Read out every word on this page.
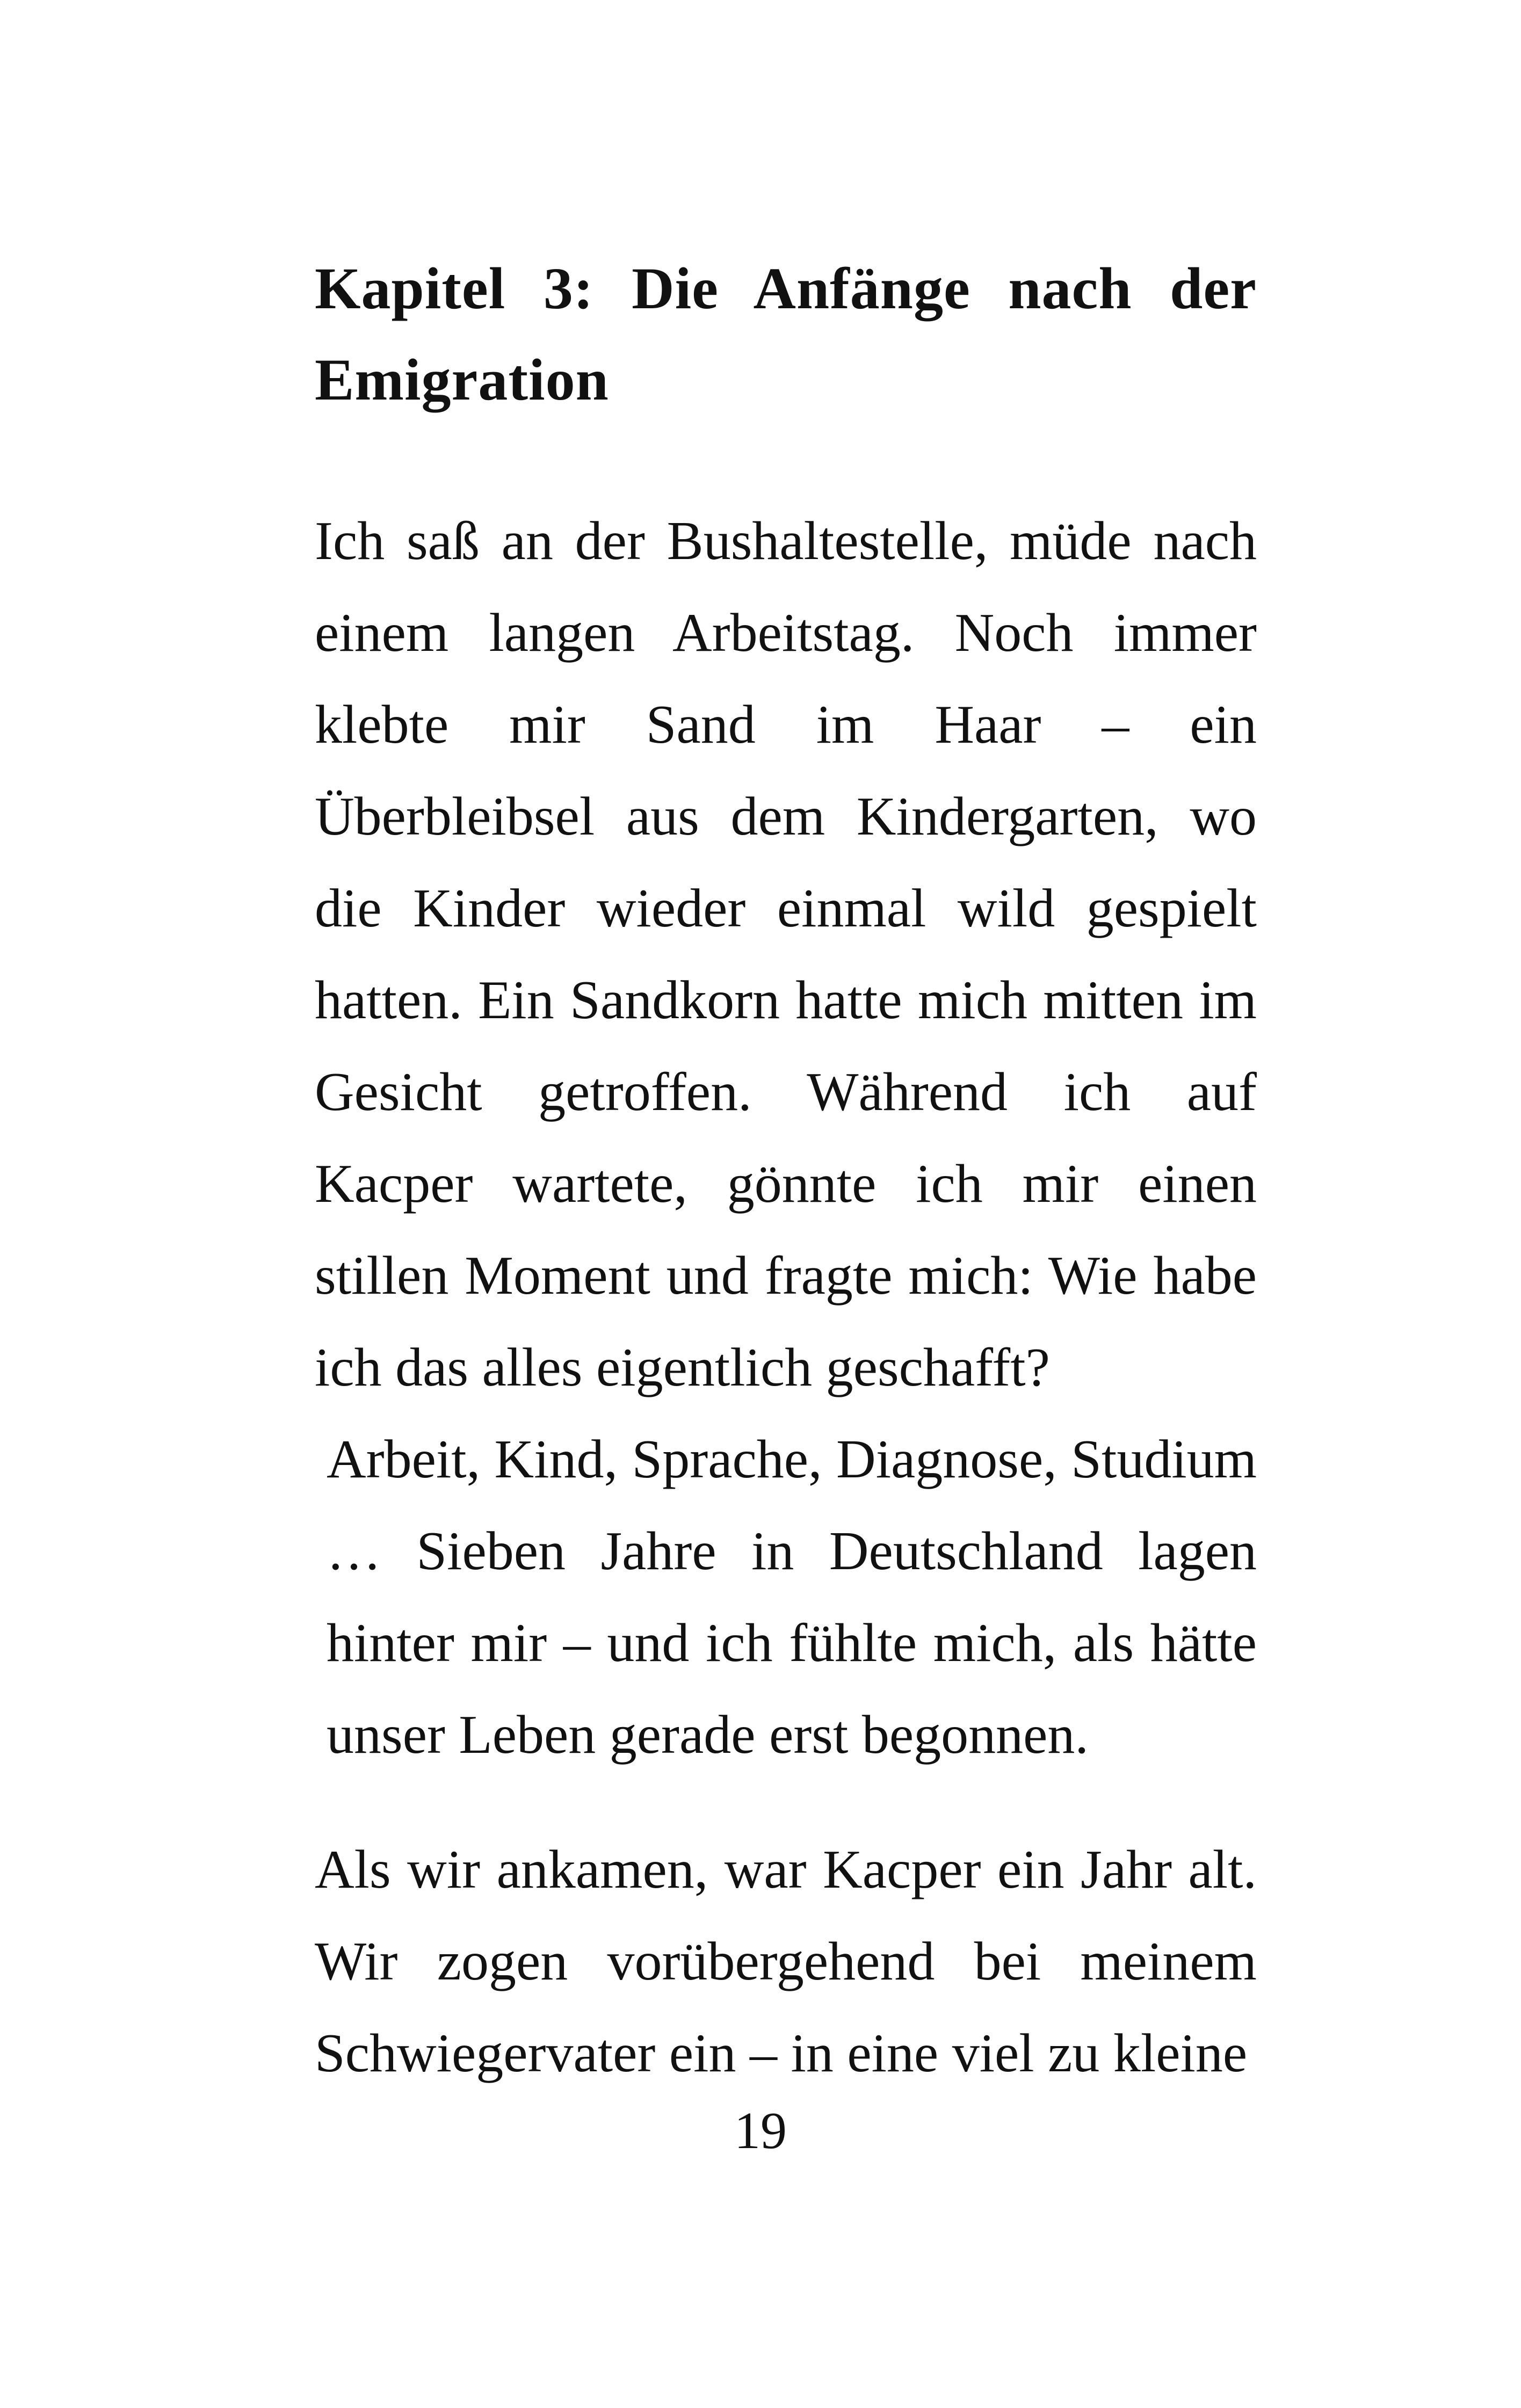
Kapitel 3: Die Anfänge nach der Emigration

Ich saß an der Bushaltestelle, müde nach einem langen Arbeitstag. Noch immer klebte mir Sand im Haar – ein Überbleibsel aus dem Kindergarten, wo die Kinder wieder einmal wild gespielt hatten. Ein Sandkorn hatte mich mitten im Gesicht getroffen. Während ich auf Kacper wartete, gönnte ich mir einen stillen Moment und fragte mich: Wie habe ich das alles eigentlich geschafft?
Arbeit, Kind, Sprache, Diagnose, Studium … Sieben Jahre in Deutschland lagen hinter mir – und ich fühlte mich, als hätte unser Leben gerade erst begonnen.

Als wir ankamen, war Kacper ein Jahr alt. Wir zogen vorübergehend bei meinem Schwiegervater ein – in eine viel zu kleine

19
